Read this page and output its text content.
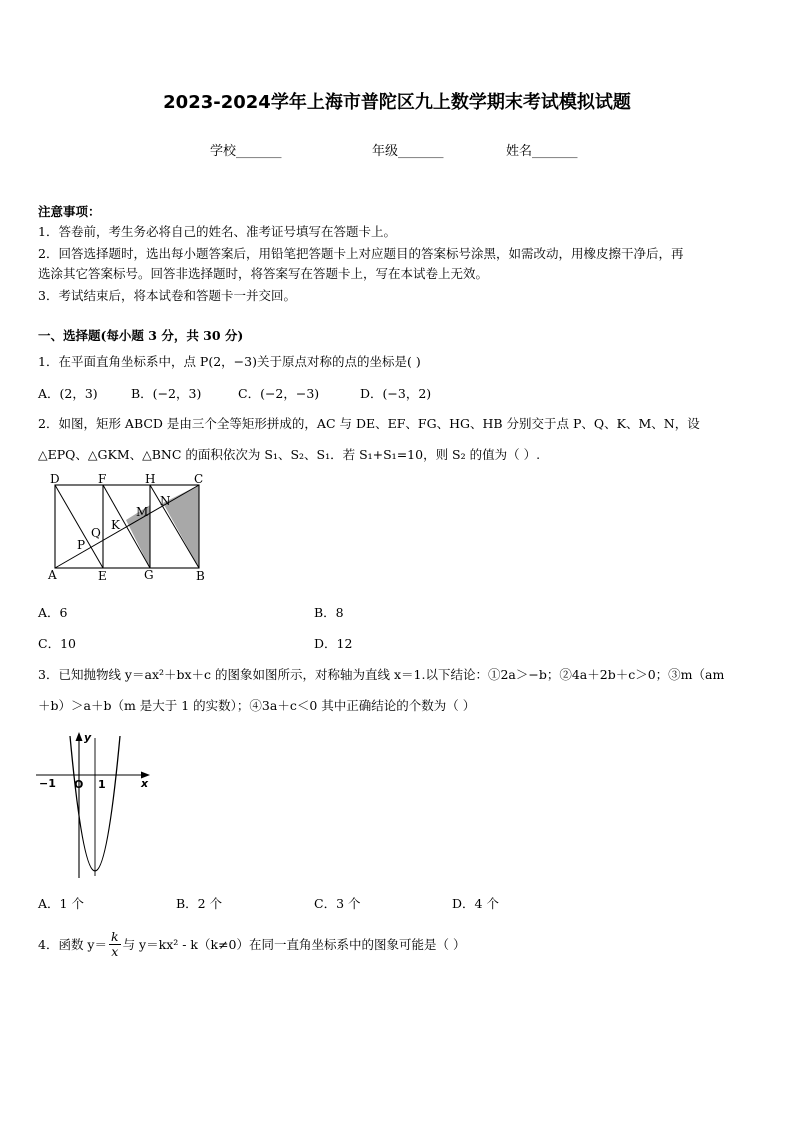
2023-2024学年上海市普陀区九上数学期末考试模拟试题
学校_______	年级_______	姓名_______
注意事项：
1．答卷前，考生务必将自己的姓名、准考证号填写在答题卡上。
2．回答选择题时，选出每小题答案后，用铅笔把答题卡上对应题目的答案标号涂黑，如需改动，用橡皮擦干净后，再
选涂其它答案标号。回答非选择题时，将答案写在答题卡上，写在本试卷上无效。
3．考试结束后，将本试卷和答题卡一并交回。
一、选择题(每小题 3 分，共 30 分)
1．在平面直角坐标系中，点 P(2，−3)关于原点对称的点的坐标是( )
A．(2，3)	B．(−2，3)	C．(−2，−3)	D．(−3，2)
2．如图，矩形 ABCD 是由三个全等矩形拼成的，AC 与 DE、EF、FG、HG、HB 分别交于点 P、Q、K、M、N，设
△EPQ、△GKM、△BNC 的面积依次为 S₁、S₂、S₁．若 S₁+S₁=10，则 S₂ 的值为（ ）.
D	F	H	C
A	E	G	B
P
Q
K
M
N
A．6	B．8
C．10	D．12
3．已知抛物线 y＝ax²＋bx＋c 的图象如图所示，对称轴为直线 x＝1.以下结论：①2a＞−b；②4a＋2b＋c＞0；③m（am
＋b）＞a＋b（m 是大于 1 的实数）；④3a＋c＜0 其中正确结论的个数为（ ）
−1 O 1	x
y
A．1 个	B．2 个	C．3 个	D．4 个
4．函数 $y= \frac{k}{x}$ 与 y＝kx² - k（k≠0）在同一直角坐标系中的图象可能是（ ）
